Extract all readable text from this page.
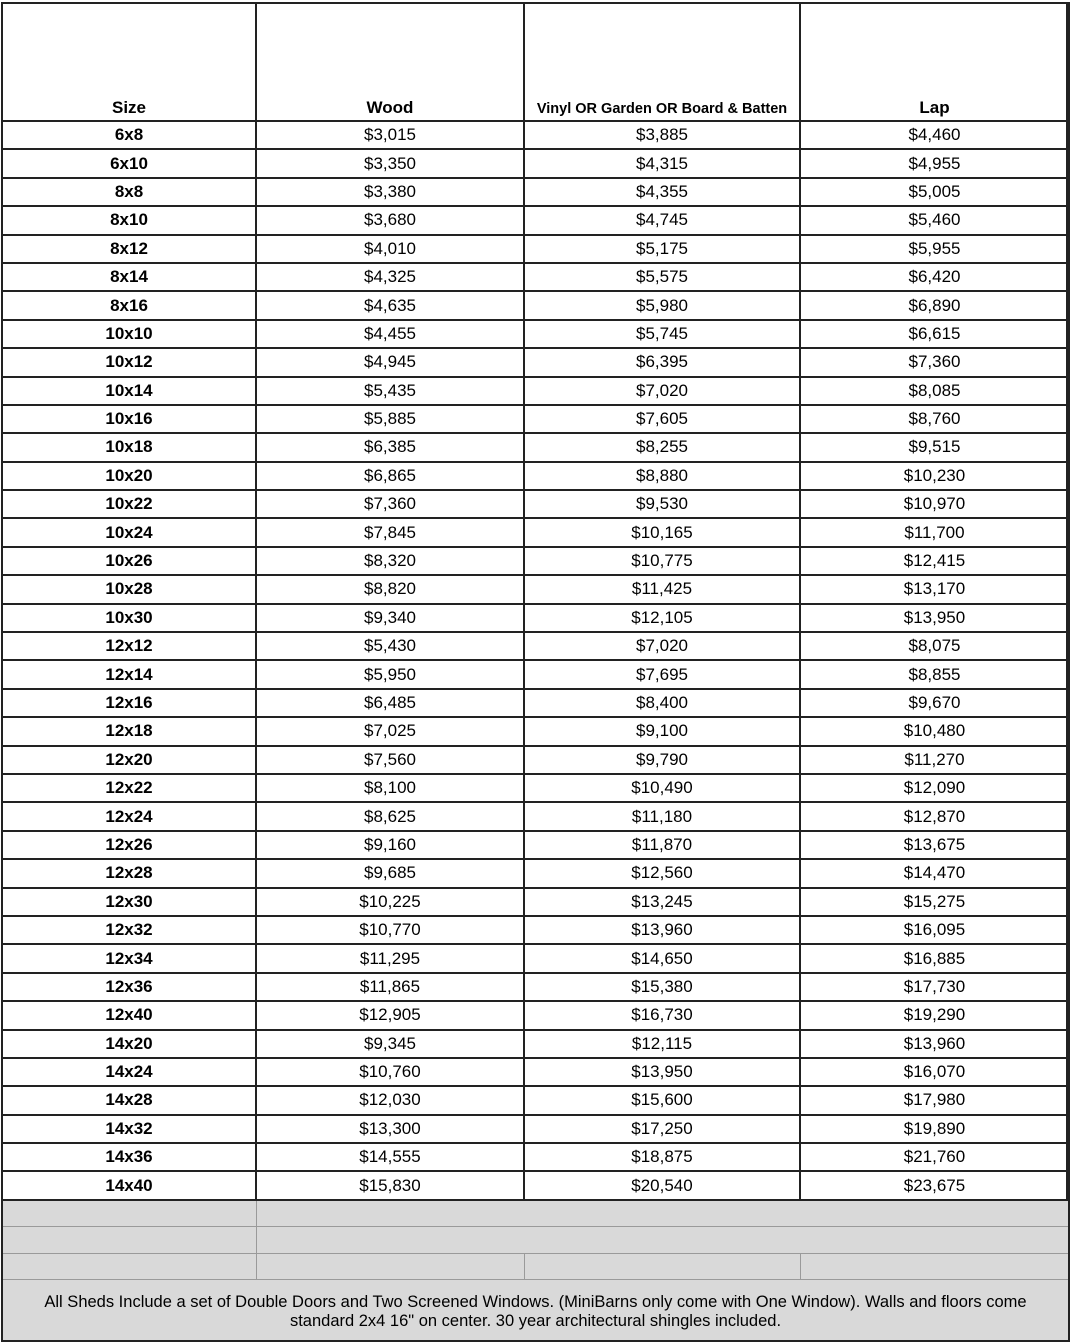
Size	Wood	Vinyl OR Garden OR Board & Batten	Lap
6x8	$3,015	$3,885	$4,460
6x10	$3,350	$4,315	$4,955
8x8	$3,380	$4,355	$5,005
8x10	$3,680	$4,745	$5,460
8x12	$4,010	$5,175	$5,955
8x14	$4,325	$5,575	$6,420
8x16	$4,635	$5,980	$6,890
10x10	$4,455	$5,745	$6,615
10x12	$4,945	$6,395	$7,360
10x14	$5,435	$7,020	$8,085
10x16	$5,885	$7,605	$8,760
10x18	$6,385	$8,255	$9,515
10x20	$6,865	$8,880	$10,230
10x22	$7,360	$9,530	$10,970
10x24	$7,845	$10,165	$11,700
10x26	$8,320	$10,775	$12,415
10x28	$8,820	$11,425	$13,170
10x30	$9,340	$12,105	$13,950
12x12	$5,430	$7,020	$8,075
12x14	$5,950	$7,695	$8,855
12x16	$6,485	$8,400	$9,670
12x18	$7,025	$9,100	$10,480
12x20	$7,560	$9,790	$11,270
12x22	$8,100	$10,490	$12,090
12x24	$8,625	$11,180	$12,870
12x26	$9,160	$11,870	$13,675
12x28	$9,685	$12,560	$14,470
12x30	$10,225	$13,245	$15,275
12x32	$10,770	$13,960	$16,095
12x34	$11,295	$14,650	$16,885
12x36	$11,865	$15,380	$17,730
12x40	$12,905	$16,730	$19,290
14x20	$9,345	$12,115	$13,960
14x24	$10,760	$13,950	$16,070
14x28	$12,030	$15,600	$17,980
14x32	$13,300	$17,250	$19,890
14x36	$14,555	$18,875	$21,760
14x40	$15,830	$20,540	$23,675

All Sheds Include a set of Double Doors and Two Screened Windows. (MiniBarns only come with One Window). Walls and floors come standard 2x4 16" on center. 30 year architectural shingles included.			
